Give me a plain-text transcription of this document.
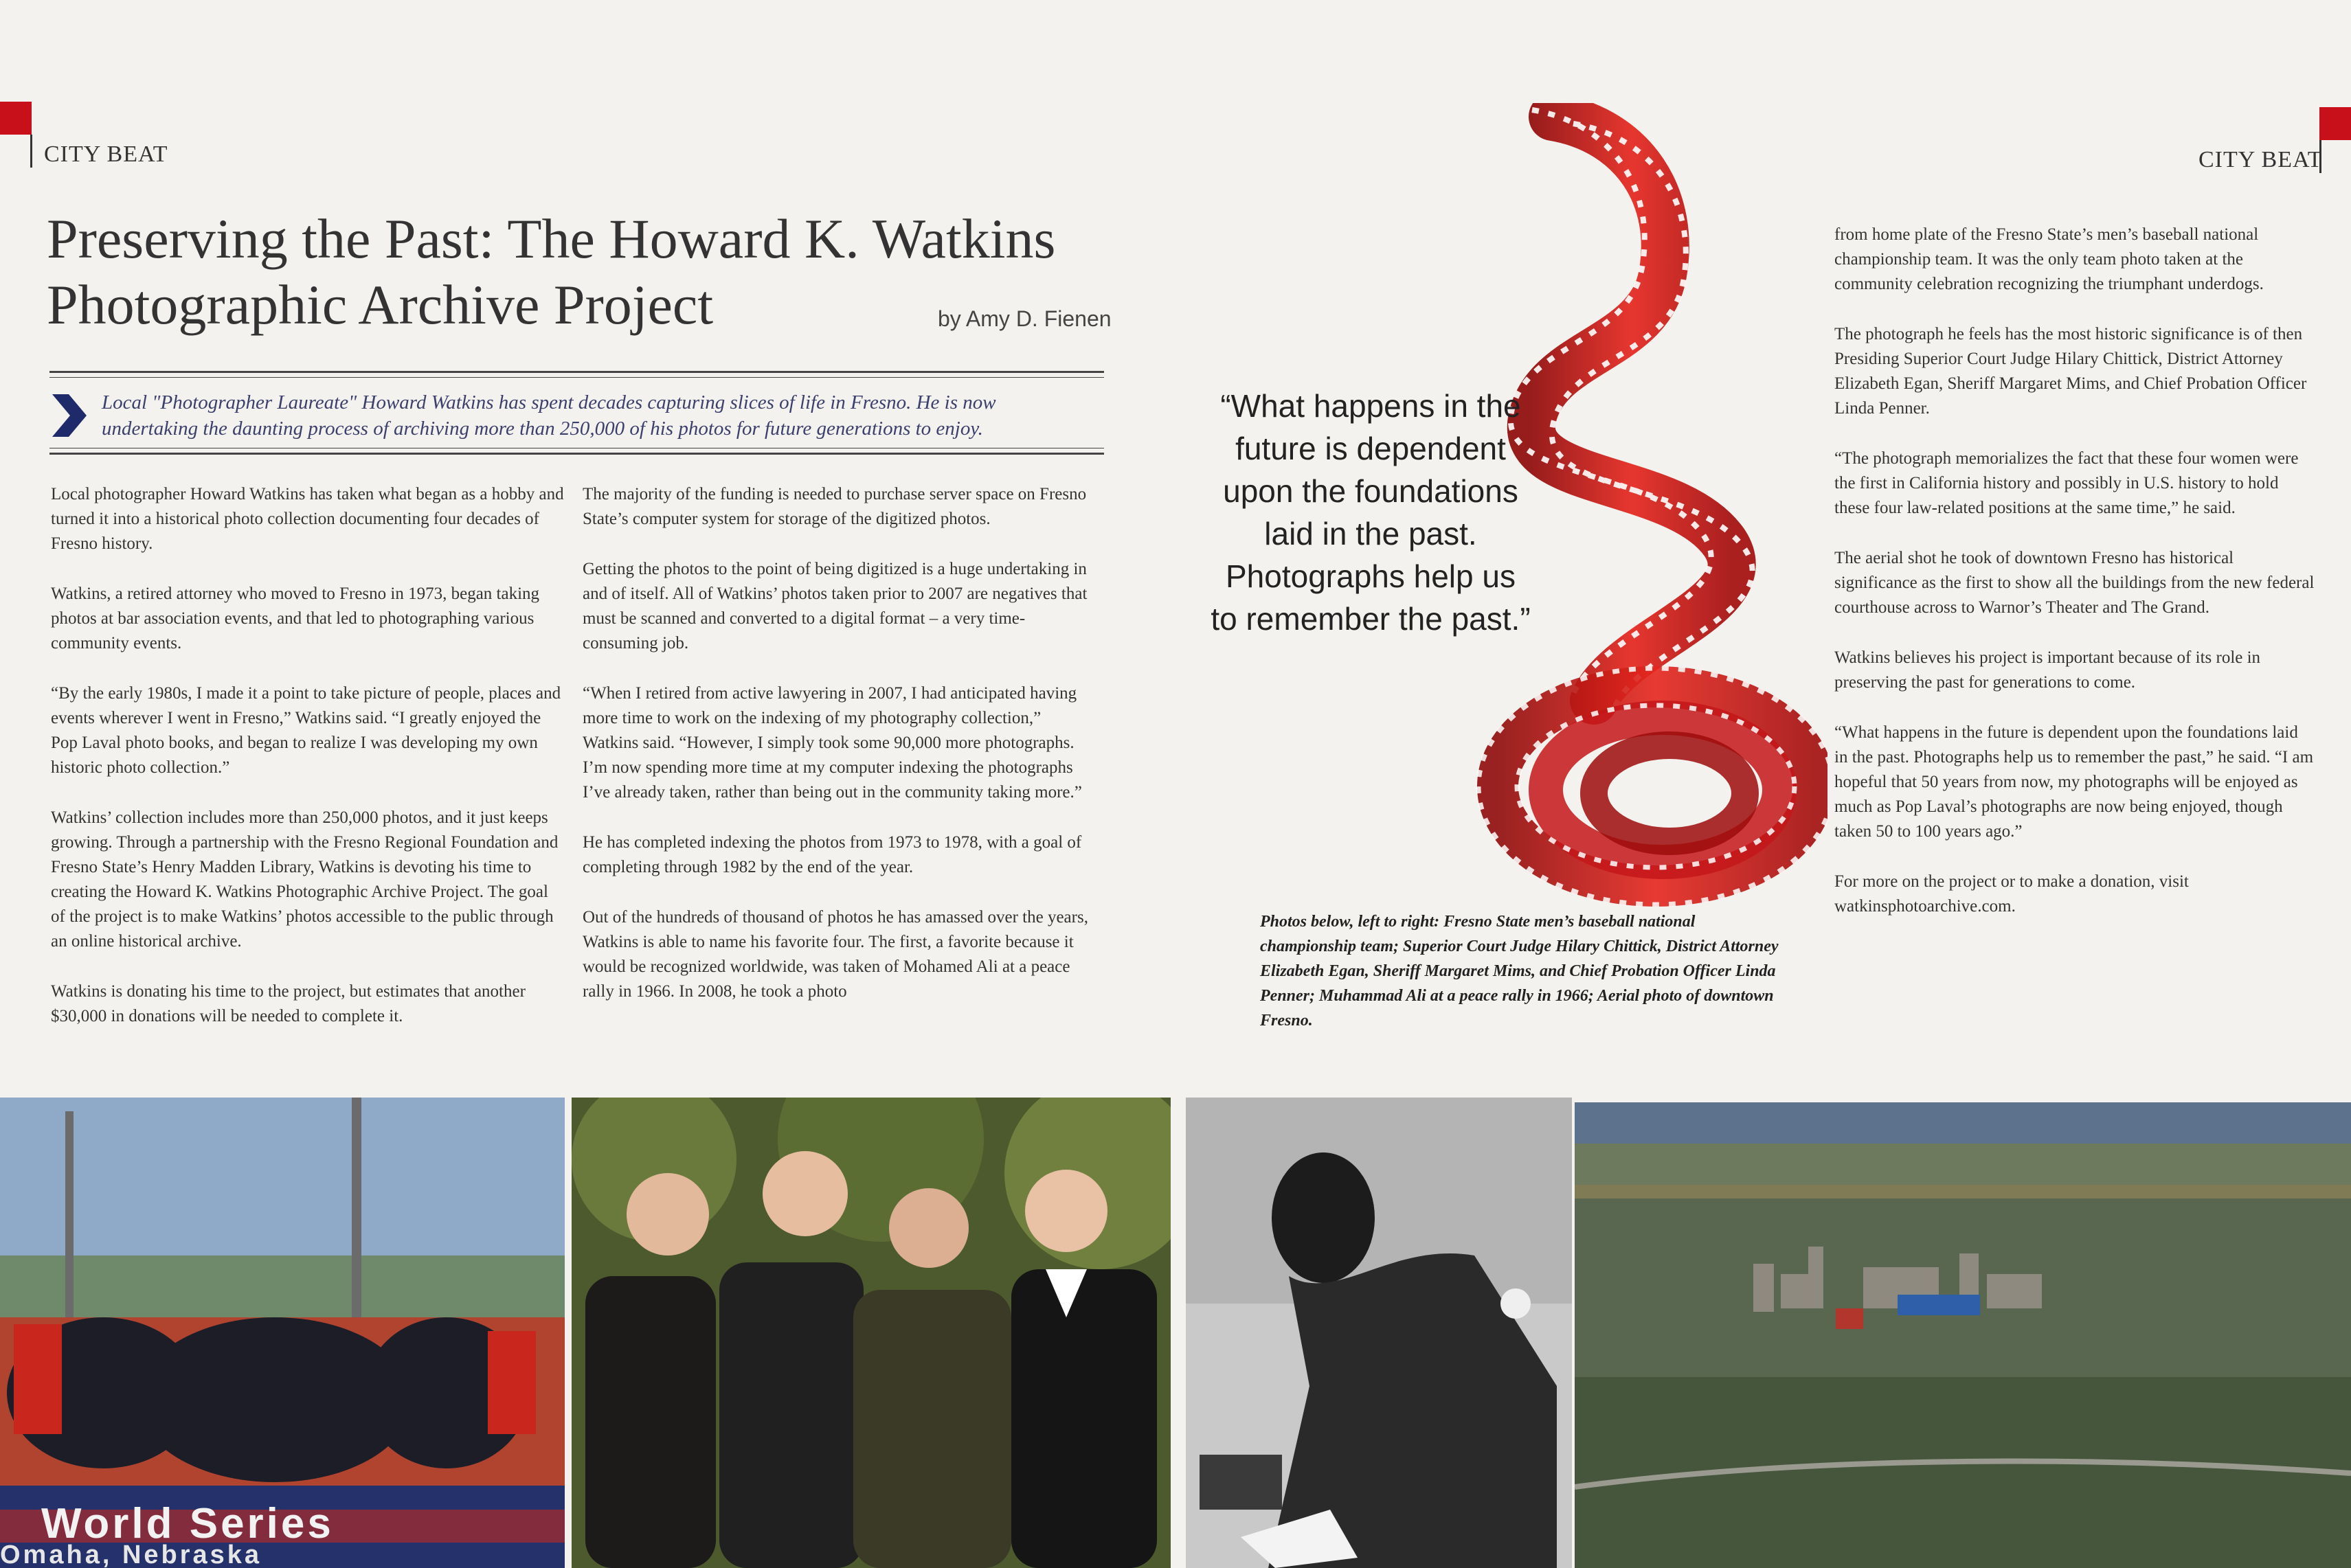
CITY BEAT	CITY BEAT
Preserving the Past: The Howard K. Watkins
Photographic Archive Project	by Amy D. Fienen
Local "Photographer Laureate" Howard Watkins has spent decades capturing slices of life in Fresno. He is now
undertaking the daunting process of archiving more than 250,000 of his photos for future generations to enjoy.

Local photographer Howard Watkins has taken what began as a hobby and turned it into a historical photo collection documenting four decades of Fresno history.

Watkins, a retired attorney who moved to Fresno in 1973, began taking photos at bar association events, and that led to photographing various community events.

“By the early 1980s, I made it a point to take picture of people, places and events wherever I went in Fresno,” Watkins said. “I greatly enjoyed the Pop Laval photo books, and began to realize I was developing my own historic photo collection.”

Watkins’ collection includes more than 250,000 photos, and it just keeps growing. Through a partnership with the Fresno Regional Foundation and Fresno State’s Henry Madden Library, Watkins is devoting his time to creating the Howard K. Watkins Photographic Archive Project. The goal of the project is to make Watkins’ photos accessible to the public through an online historical archive.

Watkins is donating his time to the project, but estimates that another $30,000 in donations will be needed to complete it.

The majority of the funding is needed to purchase server space on Fresno State’s computer system for storage of the digitized photos.

Getting the photos to the point of being digitized is a huge undertaking in and of itself. All of Watkins’ photos taken prior to 2007 are negatives that must be scanned and converted to a digital format – a very time-consuming job.

“When I retired from active lawyering in 2007, I had anticipated having more time to work on the indexing of my photography collection,” Watkins said. “However, I simply took some 90,000 more photographs. I’m now spending more time at my computer indexing the photographs I’ve already taken, rather than being out in the community taking more.”

He has completed indexing the photos from 1973 to 1978, with a goal of completing through 1982 by the end of the year.

Out of the hundreds of thousand of photos he has amassed over the years, Watkins is able to name his favorite four. The first, a favorite because it would be recognized worldwide, was taken of Mohamed Ali at a peace rally in 1966. In 2008, he took a photo

from home plate of the Fresno State’s men’s baseball national championship team. It was the only team photo taken at the community celebration recognizing the triumphant underdogs.

The photograph he feels has the most historic significance is of then Presiding Superior Court Judge Hilary Chittick, District Attorney Elizabeth Egan, Sheriff Margaret Mims, and Chief Probation Officer Linda Penner.

“The photograph memorializes the fact that these four women were the first in California history and possibly in U.S. history to hold these four law-related positions at the same time,” he said.

The aerial shot he took of downtown Fresno has historical significance as the first to show all the buildings from the new federal courthouse across to Warnor’s Theater and The Grand.

Watkins believes his project is important because of its role in preserving the past for generations to come.

“What happens in the future is dependent upon the foundations laid in the past. Photographs help us to remember the past,” he said. “I am hopeful that 50 years from now, my photographs will be enjoyed as much as Pop Laval’s photographs are now being enjoyed, though taken 50 to 100 years ago.”

For more on the project or to make a donation, visit watkinsphotoarchive.com.

“What happens in the future is dependent upon the foundations laid in the past. Photographs help us to remember the past.”
Photos below, left to right: Fresno State men’s baseball national championship team; Superior Court Judge Hilary Chittick, District Attorney Elizabeth Egan, Sheriff Margaret Mims, and Chief Probation Officer Linda Penner; Muhammad Ali at a peace rally in 1966; Aerial photo of downtown Fresno.
World Series
Omaha, Nebraska
